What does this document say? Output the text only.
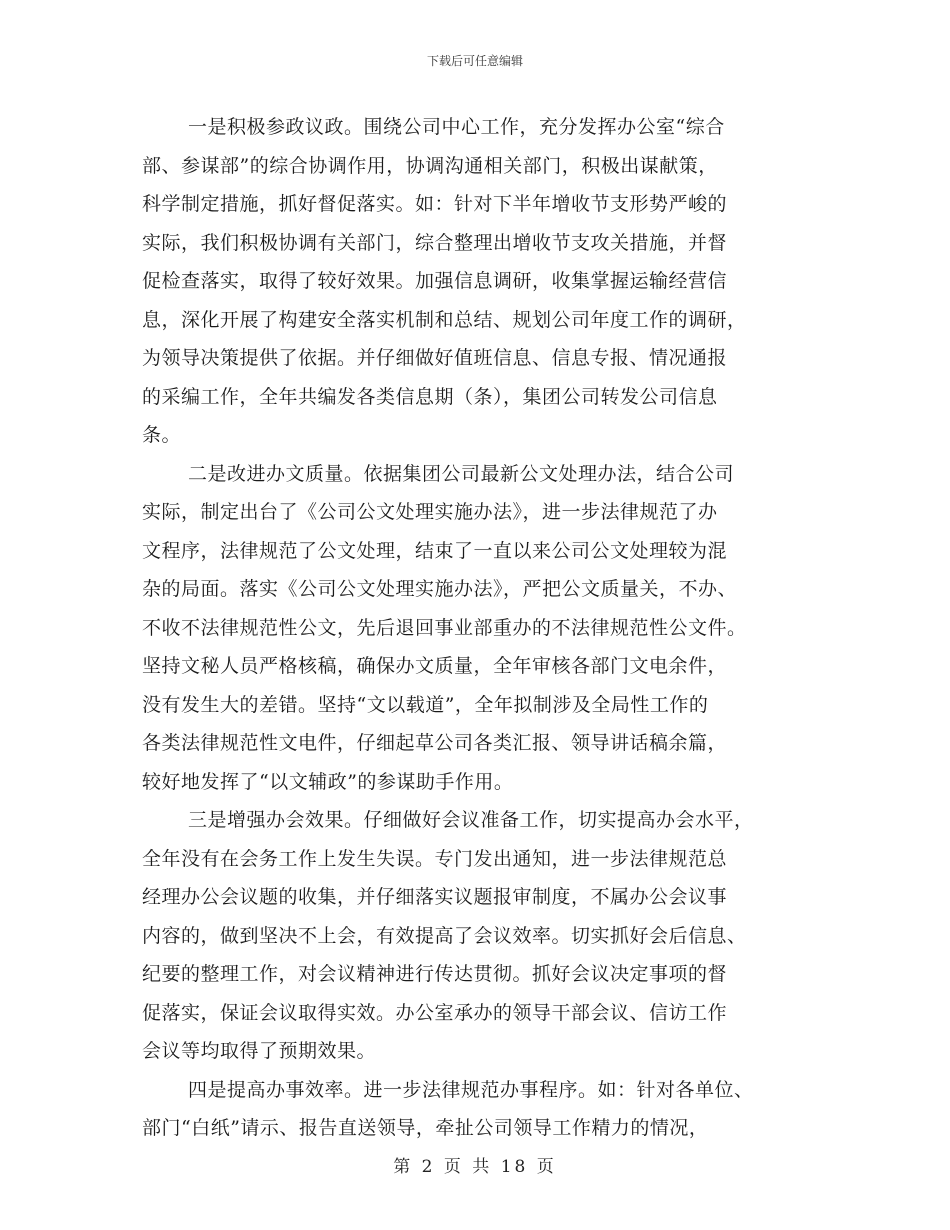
下载后可任意编辑
一是积极参政议政。围绕公司中心工作，充分发挥办公室“综合
部、参谋部”的综合协调作用，协调沟通相关部门，积极出谋献策，
科学制定措施，抓好督促落实。如：针对下半年增收节支形势严峻的
实际，我们积极协调有关部门，综合整理出增收节支攻关措施，并督
促检查落实，取得了较好效果。加强信息调研，收集掌握运输经营信
息，深化开展了构建安全落实机制和总结、规划公司年度工作的调研，
为领导决策提供了依据。并仔细做好值班信息、信息专报、情况通报
的采编工作，全年共编发各类信息期（条），集团公司转发公司信息
条。
二是改进办文质量。依据集团公司最新公文处理办法，结合公司
实际，制定出台了《公司公文处理实施办法》，进一步法律规范了办
文程序，法律规范了公文处理，结束了一直以来公司公文处理较为混
杂的局面。落实《公司公文处理实施办法》，严把公文质量关，不办、
不收不法律规范性公文，先后退回事业部重办的不法律规范性公文件。
坚持文秘人员严格核稿，确保办文质量，全年审核各部门文电余件，
没有发生大的差错。坚持“文以载道”，全年拟制涉及全局性工作的
各类法律规范性文电件，仔细起草公司各类汇报、领导讲话稿余篇，
较好地发挥了“以文辅政”的参谋助手作用。
三是增强办会效果。仔细做好会议准备工作，切实提高办会水平，
全年没有在会务工作上发生失误。专门发出通知，进一步法律规范总
经理办公会议题的收集，并仔细落实议题报审制度，不属办公会议事
内容的，做到坚决不上会，有效提高了会议效率。切实抓好会后信息、
纪要的整理工作，对会议精神进行传达贯彻。抓好会议决定事项的督
促落实，保证会议取得实效。办公室承办的领导干部会议、信访工作
会议等均取得了预期效果。
四是提高办事效率。进一步法律规范办事程序。如：针对各单位、
部门“白纸”请示、报告直送领导，牵扯公司领导工作精力的情况，
第 2 页 共 18 页
